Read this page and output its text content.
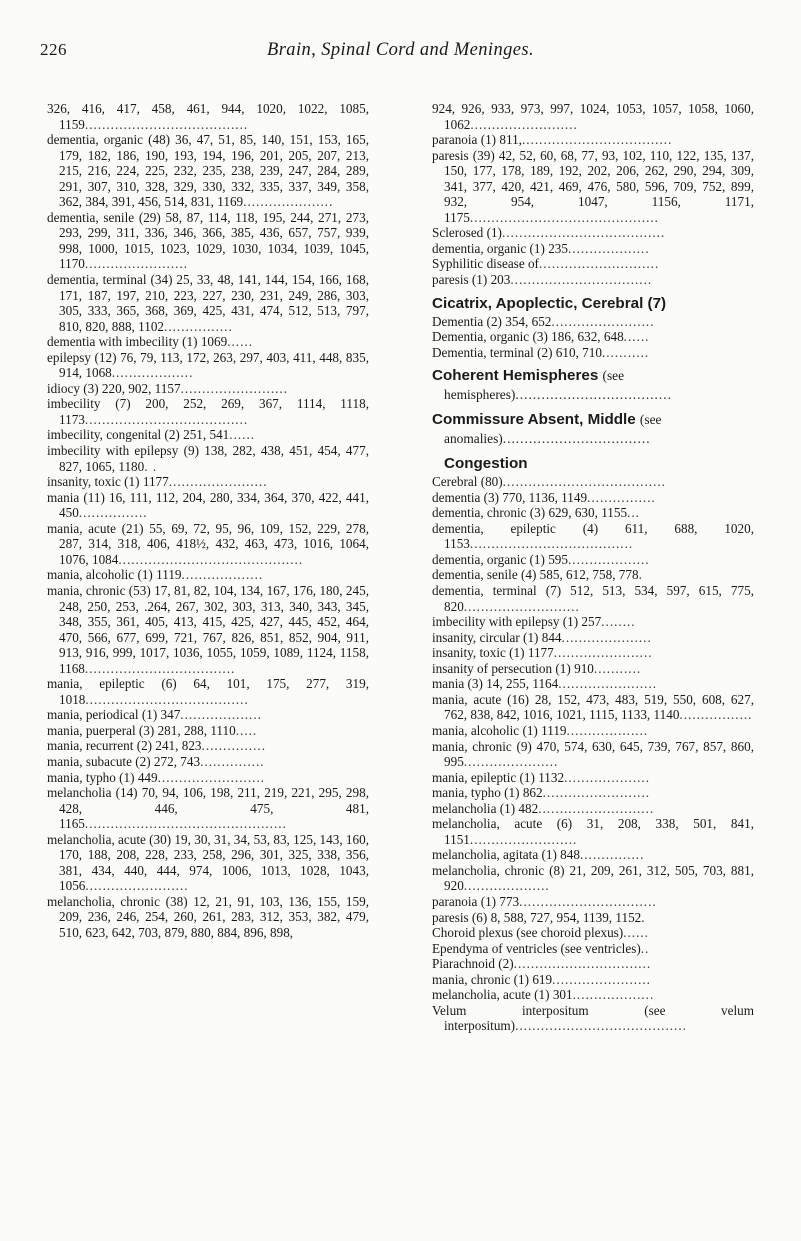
226	Brain, Spinal Cord and Meninges.

326, 416, 417, 458, 461, 944, 1020, 1022, 1085, 1159......................................

dementia, organic (48) 36, 47, 51, 85, 140, 151, 153, 165, 179, 182, 186, 190, 193, 194, 196, 201, 205, 207, 213, 215, 216, 224, 225, 232, 235, 238, 239, 247, 284, 289, 291, 307, 310, 328, 329, 330, 332, 335, 337, 349, 358, 362, 384, 391, 456, 514, 831, 1169.....................

dementia, senile (29) 58, 87, 114, 118, 195, 244, 271, 273, 293, 299, 311, 336, 346, 366, 385, 436, 657, 757, 939, 998, 1000, 1015, 1023, 1029, 1030, 1034, 1039, 1045, 1170........................

dementia, terminal (34) 25, 33, 48, 141, 144, 154, 166, 168, 171, 187, 197, 210, 223, 227, 230, 231, 249, 286, 303, 305, 333, 365, 368, 369, 425, 431, 474, 512, 513, 797, 810, 820, 888, 1102................

dementia with imbecility (1) 1069......

epilepsy (12) 76, 79, 113, 172, 263, 297, 403, 411, 448, 835, 914, 1068...................

idiocy (3) 220, 902, 1157.........................

imbecility (7) 200, 252, 269, 367, 1114, 1118, 1173......................................

imbecility, congenital (2) 251, 541......

imbecility with epilepsy (9) 138, 282, 438, 451, 454, 477, 827, 1065, 1180. .

insanity, toxic (1) 1177.......................

mania (11) 16, 111, 112, 204, 280, 334, 364, 370, 422, 441, 450................

mania, acute (21) 55, 69, 72, 95, 96, 109, 152, 229, 278, 287, 314, 318, 406, 418½, 432, 463, 473, 1016, 1064, 1076, 1084...........................................

mania, alcoholic (1) 1119...................

mania, chronic (53) 17, 81, 82, 104, 134, 167, 176, 180, 245, 248, 250, 253, .264, 267, 302, 303, 313, 340, 343, 345, 348, 355, 361, 405, 413, 415, 425, 427, 445, 452, 464, 470, 566, 677, 699, 721, 767, 826, 851, 852, 904, 911, 913, 916, 999, 1017, 1036, 1055, 1059, 1089, 1124, 1158, 1168...................................

mania, epileptic (6) 64, 101, 175, 277, 319, 1018......................................

mania, periodical (1) 347...................

mania, puerperal (3) 281, 288, 1110.....

mania, recurrent (2) 241, 823...............

mania, subacute (2) 272, 743...............

mania, typho (1) 449.........................

melancholia (14) 70, 94, 106, 198, 211, 219, 221, 295, 298, 428, 446, 475, 481, 1165...............................................

melancholia, acute (30) 19, 30, 31, 34, 53, 83, 125, 143, 160, 170, 188, 208, 228, 233, 258, 296, 301, 325, 338, 356, 381, 434, 440, 444, 974, 1006, 1013, 1028, 1043, 1056........................

melancholia, chronic (38) 12, 21, 91, 103, 136, 155, 159, 209, 236, 246, 254, 260, 261, 283, 312, 353, 382, 479, 510, 623, 642, 703, 879, 880, 884, 896, 898,

924, 926, 933, 973, 997, 1024, 1053, 1057, 1058, 1060, 1062.........................

paranoia (1) 811,...................................

paresis (39) 42, 52, 60, 68, 77, 93, 102, 110, 122, 135, 137, 150, 177, 178, 189, 192, 202, 206, 262, 290, 294, 309, 341, 377, 420, 421, 469, 476, 580, 596, 709, 752, 899, 932, 954, 1047, 1156, 1171, 1175............................................

Sclerosed (1)......................................

dementia, organic (1) 235...................

Syphilitic disease of............................

paresis (1) 203.................................

Cicatrix, Apoplectic, Cerebral (7)

Dementia (2) 354, 652........................

Dementia, organic (3) 186, 632, 648......

Dementia, terminal (2) 610, 710...........

Coherent Hemispheres (see hemispheres)....................................
Commissure Absent, Middle (see anomalies)..................................
Congestion

Cerebral (80)......................................

dementia (3) 770, 1136, 1149................

dementia, chronic (3) 629, 630, 1155...

dementia, epileptic (4) 611, 688, 1020, 1153......................................

dementia, organic (1) 595...................

dementia, senile (4) 585, 612, 758, 778.

dementia, terminal (7) 512, 513, 534, 597, 615, 775, 820...........................

imbecility with epilepsy (1) 257........

insanity, circular (1) 844.....................

insanity, toxic (1) 1177.......................

insanity of persecution (1) 910...........

mania (3) 14, 255, 1164.......................

mania, acute (16) 28, 152, 473, 483, 519, 550, 608, 627, 762, 838, 842, 1016, 1021, 1115, 1133, 1140.................

mania, alcoholic (1) 1119...................

mania, chronic (9) 470, 574, 630, 645, 739, 767, 857, 860, 995......................

mania, epileptic (1) 1132....................

mania, typho (1) 862.........................

melancholia (1) 482...........................

melancholia, acute (6) 31, 208, 338, 501, 841, 1151.........................

melancholia, agitata (1) 848...............

melancholia, chronic (8) 21, 209, 261, 312, 505, 703, 881, 920....................

paranoia (1) 773................................

paresis (6) 8, 588, 727, 954, 1139, 1152.

Choroid plexus (see choroid plexus)......

Ependyma of ventricles (see ventricles)..

Piarachnoid (2)................................

mania, chronic (1) 619.......................

melancholia, acute (1) 301...................

Velum interpositum (see velum interpositum)........................................
